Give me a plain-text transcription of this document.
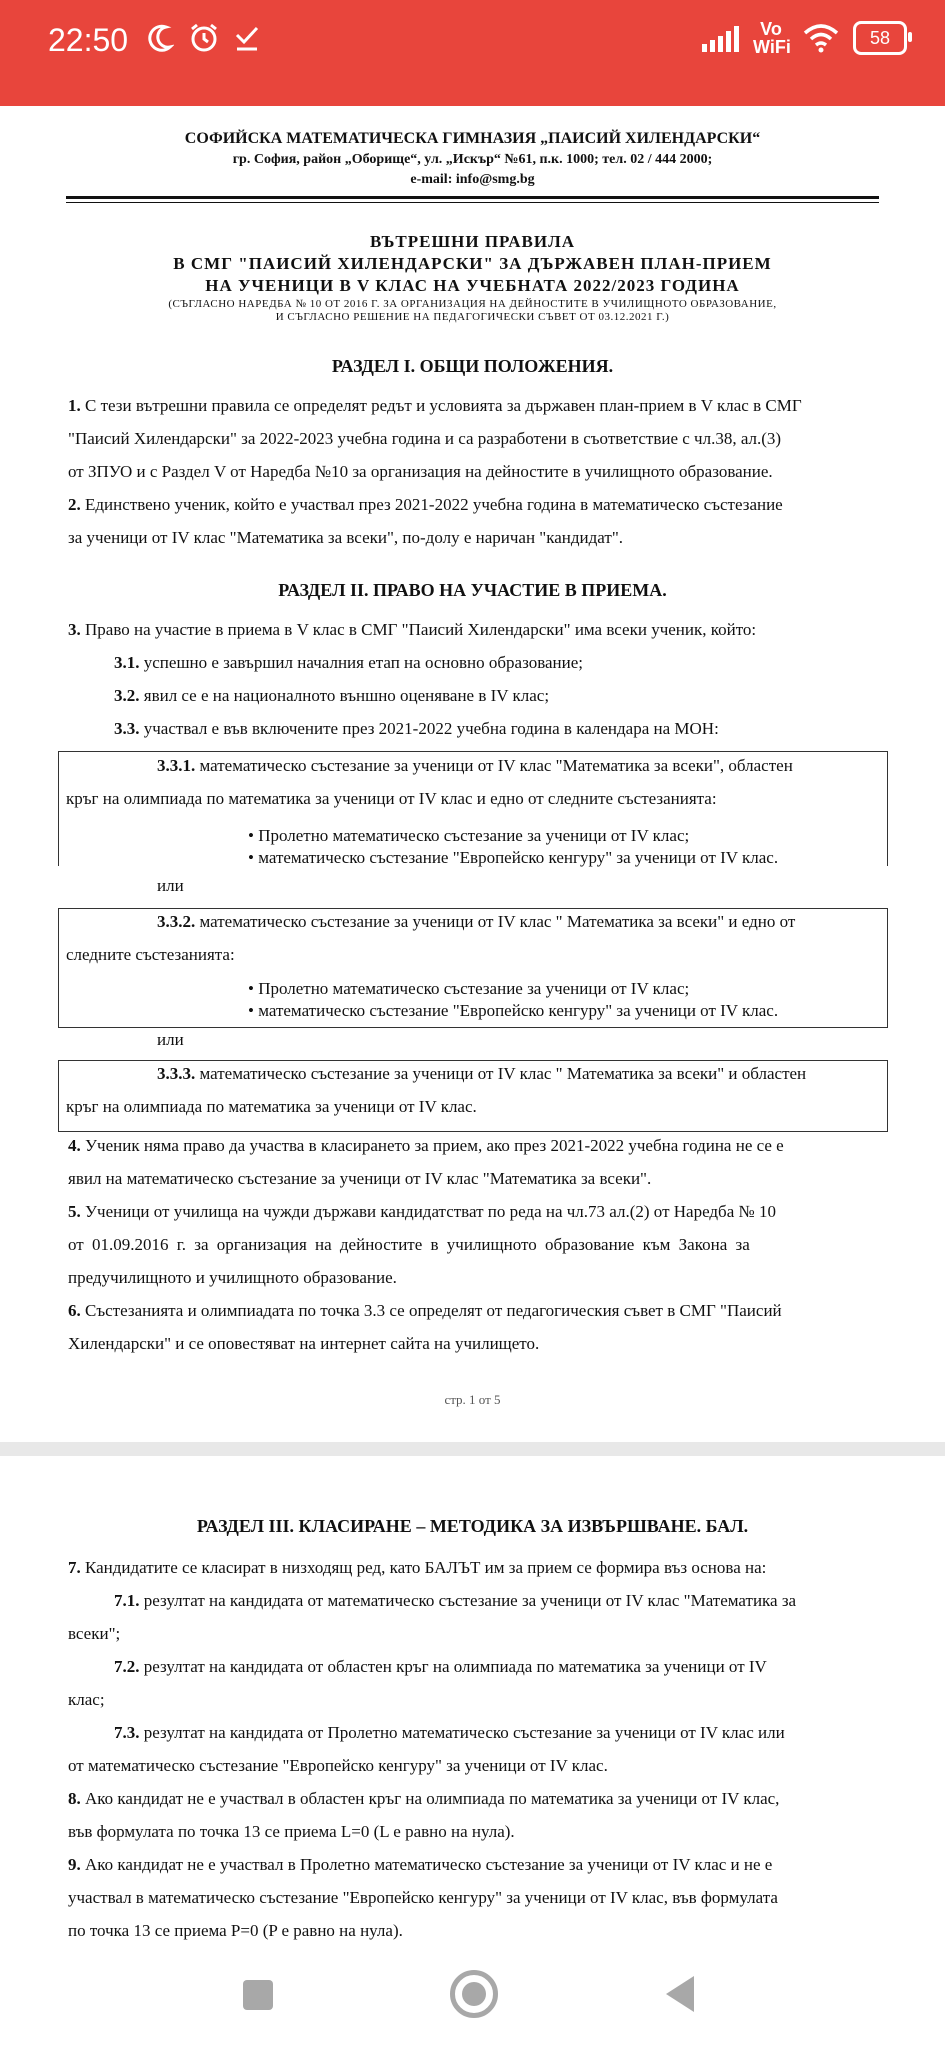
22:50	Vo WiFi	58
СОФИЙСКА МАТЕМАТИЧЕСКА ГИМНАЗИЯ „ПАИСИЙ ХИЛЕНДАРСКИ“
гр. София, район „Оборище“, ул. „Искър“ №61, п.к. 1000; тел. 02 / 444 2000;
e-mail: info@smg.bg
ВЪТРЕШНИ ПРАВИЛА
В СМГ "ПАИСИЙ ХИЛЕНДАРСКИ" ЗА ДЪРЖАВЕН ПЛАН-ПРИЕМ
НА УЧЕНИЦИ В V КЛАС НА УЧЕБНАТА 2022/2023 ГОДИНА
(СЪГЛАСНО НАРЕДБА № 10 ОТ 2016 Г. ЗА ОРГАНИЗАЦИЯ НА ДЕЙНОСТИТЕ В УЧИЛИЩНОТО ОБРАЗОВАНИЕ,
И СЪГЛАСНО РЕШЕНИЕ НА ПЕДАГОГИЧЕСКИ СЪВЕТ ОТ 03.12.2021 Г.)
РАЗДЕЛ I. ОБЩИ ПОЛОЖЕНИЯ.
1. С тези вътрешни правила се определят редът и условията за държавен план-прием в V клас в СМГ
"Паисий Хилендарски" за 2022-2023 учебна година и са разработени в съответствие с чл.38, ал.(3)
от ЗПУО и с Раздел V от Наредба №10 за организация на дейностите в училищното образование.
2. Единствено ученик, който е участвал през 2021-2022 учебна година в математическо състезание
за ученици от IV клас "Математика за всеки", по-долу е наричан "кандидат".
РАЗДЕЛ II. ПРАВО НА УЧАСТИЕ В ПРИЕМА.
3. Право на участие в приема в V клас в СМГ "Паисий Хилендарски" има всеки ученик, който:
3.1. успешно е завършил началния етап на основно образование;
3.2. явил се е на националното външно оценяване в IV клас;
3.3. участвал е във включените през 2021-2022 учебна година в календара на МОН:
3.3.1. математическо състезание за ученици от IV клас "Математика за всеки", областен
кръг на олимпиада по математика за ученици от IV клас и едно от следните състезанията:
• Пролетно математическо състезание за ученици от IV клас;
• математическо състезание "Европейско кенгуру" за ученици от IV клас.
или
3.3.2. математическо състезание за ученици от IV клас " Математика за всеки" и едно от
следните състезанията:
• Пролетно математическо състезание за ученици от IV клас;
• математическо състезание "Европейско кенгуру" за ученици от IV клас.
или
3.3.3. математическо състезание за ученици от IV клас " Математика за всеки" и областен
кръг на олимпиада по математика за ученици от IV клас.
4. Ученик няма право да участва в класирането за прием, ако през 2021-2022 учебна година не се е
явил на математическо състезание за ученици от IV клас "Математика за всеки".
5. Ученици от училища на чужди държави кандидатстват по реда на чл.73 ал.(2) от Наредба № 10
от 01.09.2016 г. за организация на дейностите в училищното образование към Закона за
предучилищното и училищното образование.
6. Състезанията и олимпиадата по точка 3.3 се определят от педагогическия съвет в СМГ "Паисий
Хилендарски" и се оповестяват на интернет сайта на училището.
стр. 1 от 5
РАЗДЕЛ III. КЛАСИРАНЕ – МЕТОДИКА ЗА ИЗВЪРШВАНЕ. БАЛ.
7. Кандидатите се класират в низходящ ред, като БАЛЪТ им за прием се формира въз основа на:
7.1. резултат на кандидата от математическо състезание за ученици от IV клас "Математика за
всеки";
7.2. резултат на кандидата от областен кръг на олимпиада по математика за ученици от IV
клас;
7.3. резултат на кандидата от Пролетно математическо състезание за ученици от IV клас или
от математическо състезание "Европейско кенгуру" за ученици от IV клас.
8. Ако кандидат не е участвал в областен кръг на олимпиада по математика за ученици от IV клас,
във формулата по точка 13 се приема L=0 (L е равно на нула).
9. Ако кандидат не е участвал в Пролетно математическо състезание за ученици от IV клас и не е
участвал в математическо състезание "Европейско кенгуру" за ученици от IV клас, във формулата
по точка 13 се приема P=0 (P е равно на нула).
